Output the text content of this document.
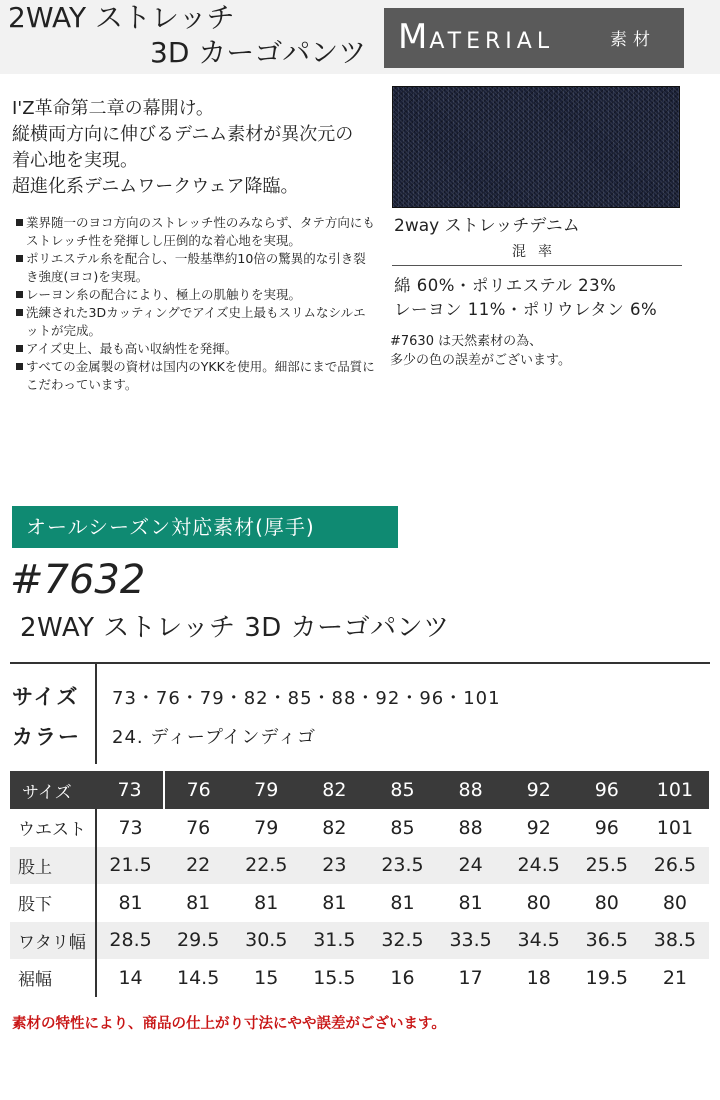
2WAY ストレッチ
3D カーゴパンツ MATERIAL	素材
I'Z革命第二章の幕開け。
縦横両方向に伸びるデニム素材が異次元の
着心地を実現。
超進化系デニムワークウェア降臨。
業界随一のヨコ方向のストレッチ性のみならず、タテ方向にもストレッチ性を発揮しし圧倒的な着心地を実現。
ポリエステル糸を配合し、一般基準約10倍の驚異的な引き裂き強度(ヨコ)を実現。
レーヨン糸の配合により、極上の肌触りを実現。
洗練された3Dカッティングでアイズ史上最もスリムなシルエットが完成。
アイズ史上、最も高い収納性を発揮。
すべての金属製の資材は国内のYKKを使用。細部にまで品質にこだわっています。
2way ストレッチデニム
混率
綿 60%・ポリエステル 23%
レーヨン 11%・ポリウレタン 6%
#7630 は天然素材の為、
多少の色の誤差がございます。
オールシーズン対応素材(厚手)
#7632
2WAY ストレッチ 3D カーゴパンツ
サイズ 73・76・79・82・85・88・92・96・101
カラー 24. ディープインディゴ
サイズ	73	76	79	82	85	88	92	96	101
ウエスト	73	76	79	82	85	88	92	96	101
股上	21.5	22	22.5	23	23.5	24	24.5	25.5	26.5
股下	81	81	81	81	81	81	80	80	80
ワタリ幅	28.5	29.5	30.5	31.5	32.5	33.5	34.5	36.5	38.5
裾幅	14	14.5	15	15.5	16	17	18	19.5	21
素材の特性により、商品の仕上がり寸法にやや誤差がございます。
